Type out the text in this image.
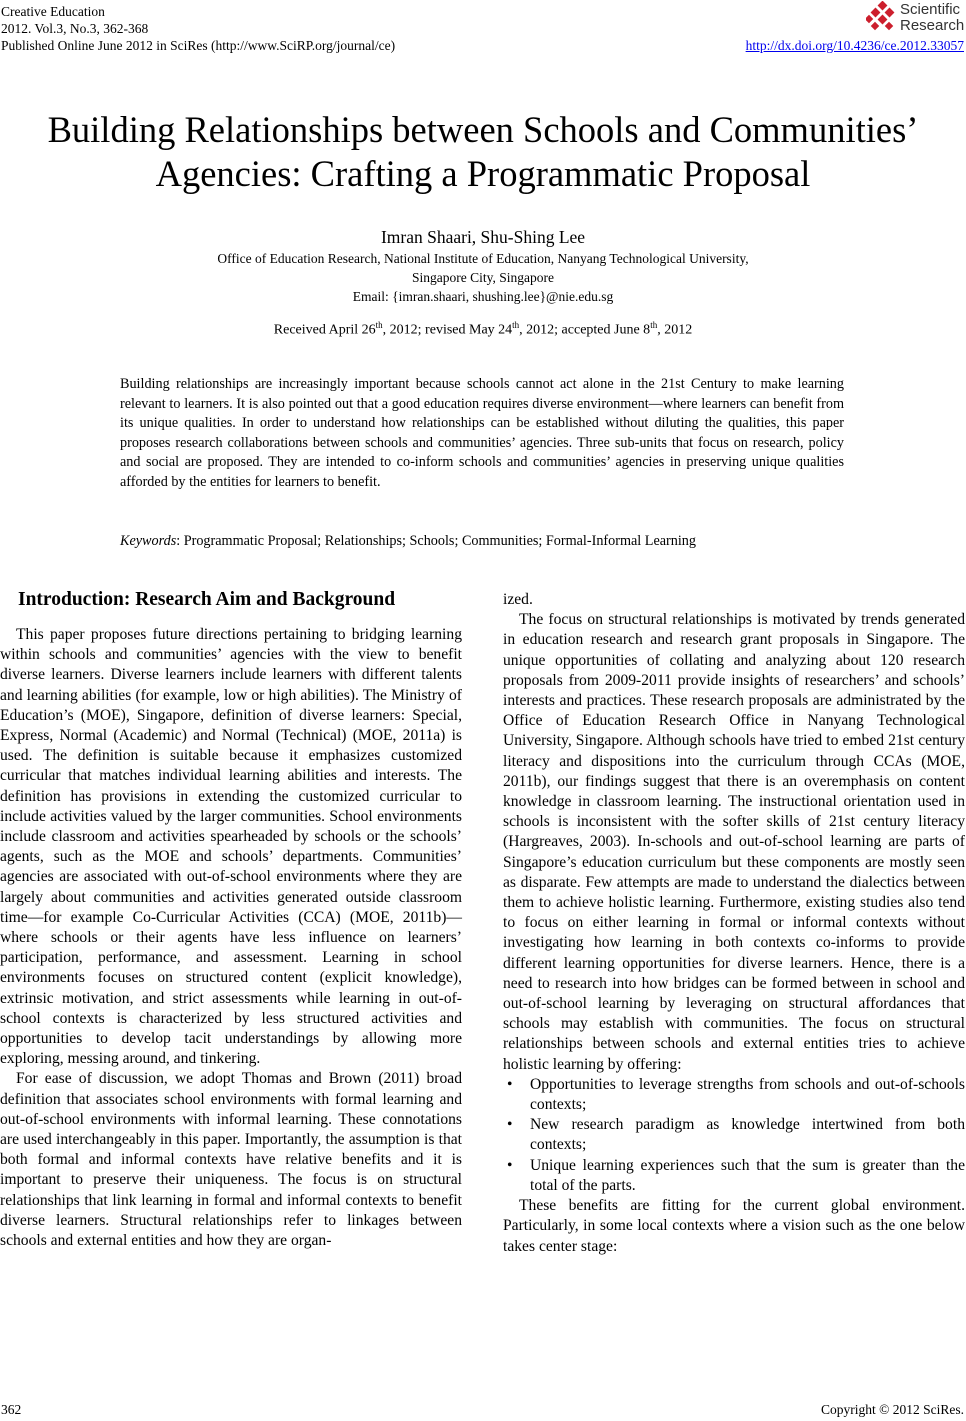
Creative Education
2012. Vol.3, No.3, 362-368
Published Online June 2012 in SciRes (http://www.SciRP.org/journal/ce)	http://dx.doi.org/10.4236/ce.2012.33057
Scientific
Research
Building Relationships between Schools and Communities’
Agencies: Crafting a Programmatic Proposal
Imran Shaari, Shu-Shing Lee
Office of Education Research, National Institute of Education, Nanyang Technological University,
Singapore City, Singapore
Email: {imran.shaari, shushing.lee}@nie.edu.sg
Received April 26th, 2012; revised May 24th, 2012; accepted June 8th, 2012
Building relationships are increasingly important because schools cannot act alone in the 21st Century to make learning relevant to learners. It is also pointed out that a good education requires diverse environment—where learners can benefit from its unique qualities. In order to understand how relationships can be established without diluting the qualities, this paper proposes research collaborations between schools and communities’ agencies. Three sub-units that focus on research, policy and social are proposed. They are intended to co-inform schools and communities’ agencies in preserving unique qualities afforded by the entities for learners to benefit.
Keywords: Programmatic Proposal; Relationships; Schools; Communities; Formal-Informal Learning
Introduction: Research Aim and Background

This paper proposes future directions pertaining to bridging learning within schools and communities’ agencies with the view to benefit diverse learners. Diverse learners include learners with different talents and learning abilities (for example, low or high abilities). The Ministry of Education’s (MOE), Singapore, definition of diverse learners: Special, Express, Normal (Academic) and Normal (Technical) (MOE, 2011a) is used. The definition is suitable because it emphasizes customized curricular that matches individual learning abilities and interests. The definition has provisions in extending the customized curricular to include activities valued by the larger communities. School environments include classroom and activities spearheaded by schools or the schools’ agents, such as the MOE and schools’ departments. Communities’ agencies are associated with out-of-school environments where they are largely about communities and activities generated outside classroom time—for example Co-Curricular Activities (CCA) (MOE, 2011b)—where schools or their agents have less influence on learners’ participation, performance, and assessment. Learning in school environments focuses on structured content (explicit knowledge), extrinsic motivation, and strict assessments while learning in out-of-school contexts is characterized by less structured activities and opportunities to develop tacit understandings by allowing more exploring, messing around, and tinkering.

For ease of discussion, we adopt Thomas and Brown (2011) broad definition that associates school environments with formal learning and out-of-school environments with informal learning. These connotations are used interchangeably in this paper. Importantly, the assumption is that both formal and informal contexts have relative benefits and it is important to preserve their uniqueness. The focus is on structural relationships that link learning in formal and informal contexts to benefit diverse learners. Structural relationships refer to linkages between schools and external entities and how they are organ-

ized.

The focus on structural relationships is motivated by trends generated in education research and research grant proposals in Singapore. The unique opportunities of collating and analyzing about 120 research proposals from 2009-2011 provide insights of researchers’ and schools’ interests and practices. These research proposals are administrated by the Office of Education Research Office in Nanyang Technological University, Singapore. Although schools have tried to embed 21st century literacy and dispositions into the curriculum through CCAs (MOE, 2011b), our findings suggest that there is an overemphasis on content knowledge in classroom learning. The instructional orientation used in schools is inconsistent with the softer skills of 21st century literacy (Hargreaves, 2003). In-schools and out-of-school learning are parts of Singapore’s education curriculum but these components are mostly seen as disparate. Few attempts are made to understand the dialectics between them to achieve holistic learning. Furthermore, existing studies also tend to focus on either learning in formal or informal contexts without investigating how learning in both contexts co-informs to provide different learning opportunities for diverse learners. Hence, there is a need to research into how bridges can be formed between in school and out-of-school learning by leveraging on structural affordances that schools may establish with communities. The focus on structural relationships between schools and external entities tries to achieve holistic learning by offering:

• Opportunities to leverage strengths from schools and out-of-schools contexts;
• New research paradigm as knowledge intertwined from both contexts;
• Unique learning experiences such that the sum is greater than the total of the parts.

These benefits are fitting for the current global environment. Particularly, in some local contexts where a vision such as the one below takes center stage:

362	Copyright © 2012 SciRes.
